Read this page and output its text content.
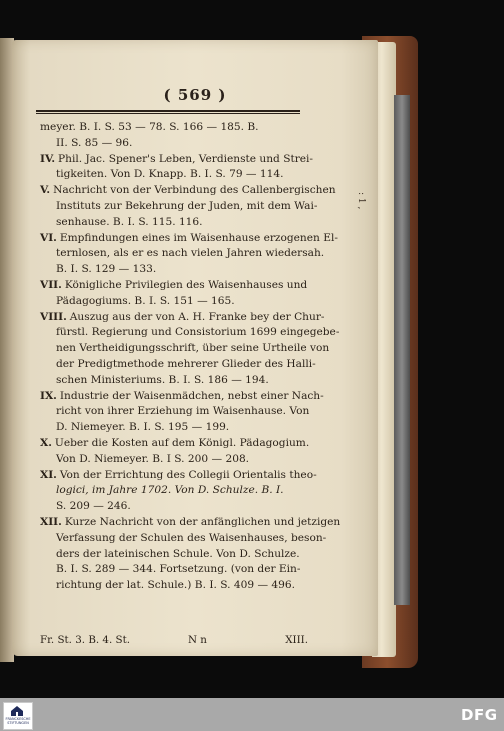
( 569 )
meyer. B. I. S. 53 — 78. S. 166 — 185. B.
II. S. 85 — 96.
IV. Phil. Jac. Spener's Leben, Verdienste und Strei-
tigkeiten. Von D. Knapp. B. I. S. 79 — 114.
V. Nachricht von der Verbindung des Callenbergischen
Instituts zur Bekehrung der Juden, mit dem Wai-
senhause. B. I. S. 115. 116.
VI. Empfindungen eines im Waisenhause erzogenen El-
ternlosen, als er es nach vielen Jahren wiedersah.
B. I. S. 129 — 133.
VII. Königliche Privilegien des Waisenhauses und
Pädagogiums. B. I. S. 151 — 165.
VIII. Auszug aus der von A. H. Franke bey der Chur-
fürstl. Regierung und Consistorium 1699 eingegebe-
nen Vertheidigungsschrift, über seine Urtheile von
der Predigtmethode mehrerer Glieder des Halli-
schen Ministeriums. B. I. S. 186 — 194.
IX. Industrie der Waisenmädchen, nebst einer Nach-
richt von ihrer Erziehung im Waisenhause. Von
D. Niemeyer. B. I. S. 195 — 199.
X. Ueber die Kosten auf dem Königl. Pädagogium.
Von D. Niemeyer. B. I S. 200 — 208.
XI. Von der Errichtung des Collegii Orientalis theo-
logici, im Jahre 1702. Von D. Schulze. B. I.
S. 209 — 246.
XII. Kurze Nachricht von der anfänglichen und jetzigen
Verfassung der Schulen des Waisenhauses, beson-
ders der lateinischen Schule. Von D. Schulze.
B. I. S. 289 — 344. Fortsetzung. (von der Ein-
richtung der lat. Schule.) B. I. S. 409 — 496.
Fr. St. 3. B. 4. St.	N n	XIII.
: 1 ,
FRANCKESCHE STIFTUNGEN	DFG
